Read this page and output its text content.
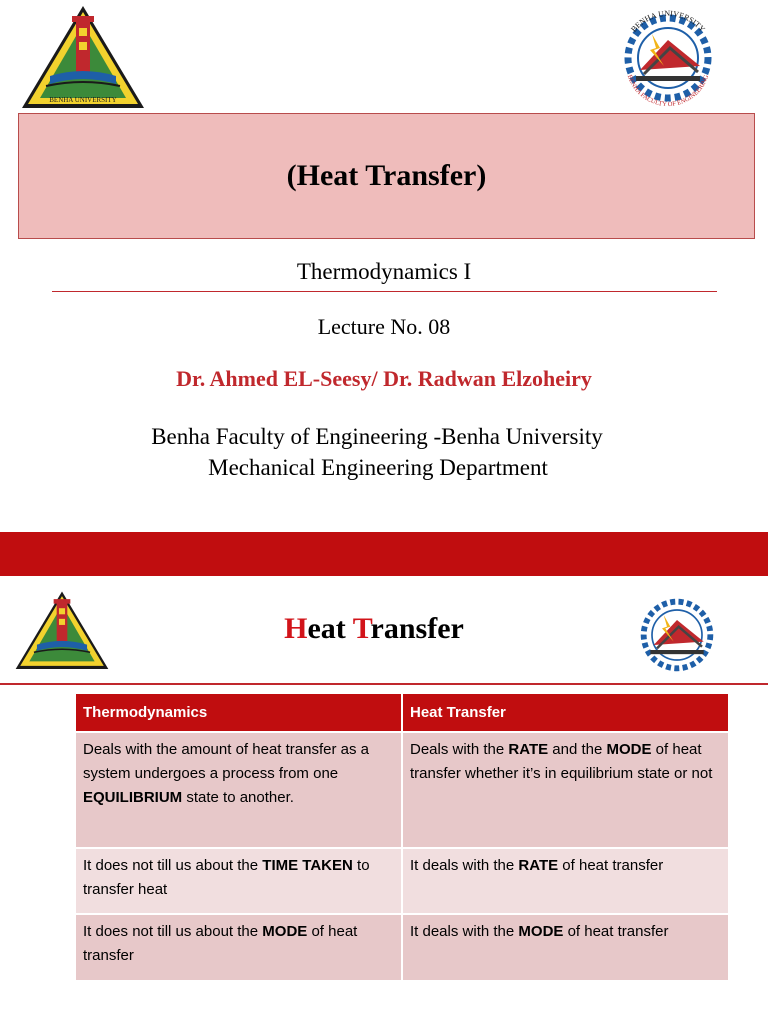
BENHA UNIVERSITY
BENHA UNIVERSITY
BENHA FACULTY OF ENGINEERING
(Heat Transfer)
Thermodynamics I
Lecture No. 08
Dr. Ahmed EL-Seesy/ Dr. Radwan Elzoheiry
Benha Faculty of Engineering -Benha University
Mechanical Engineering Department
Heat Transfer
Thermodynamics	Heat Transfer
Deals with the amount of heat transfer as a system undergoes a process from one EQUILIBRIUM state to another.	Deals with the RATE and the MODE of heat transfer whether it’s in equilibrium state or not
It does not till us about the TIME TAKEN to transfer heat	It deals with the RATE of heat transfer
It does not till us about the MODE of heat transfer	It deals with the MODE of heat transfer
